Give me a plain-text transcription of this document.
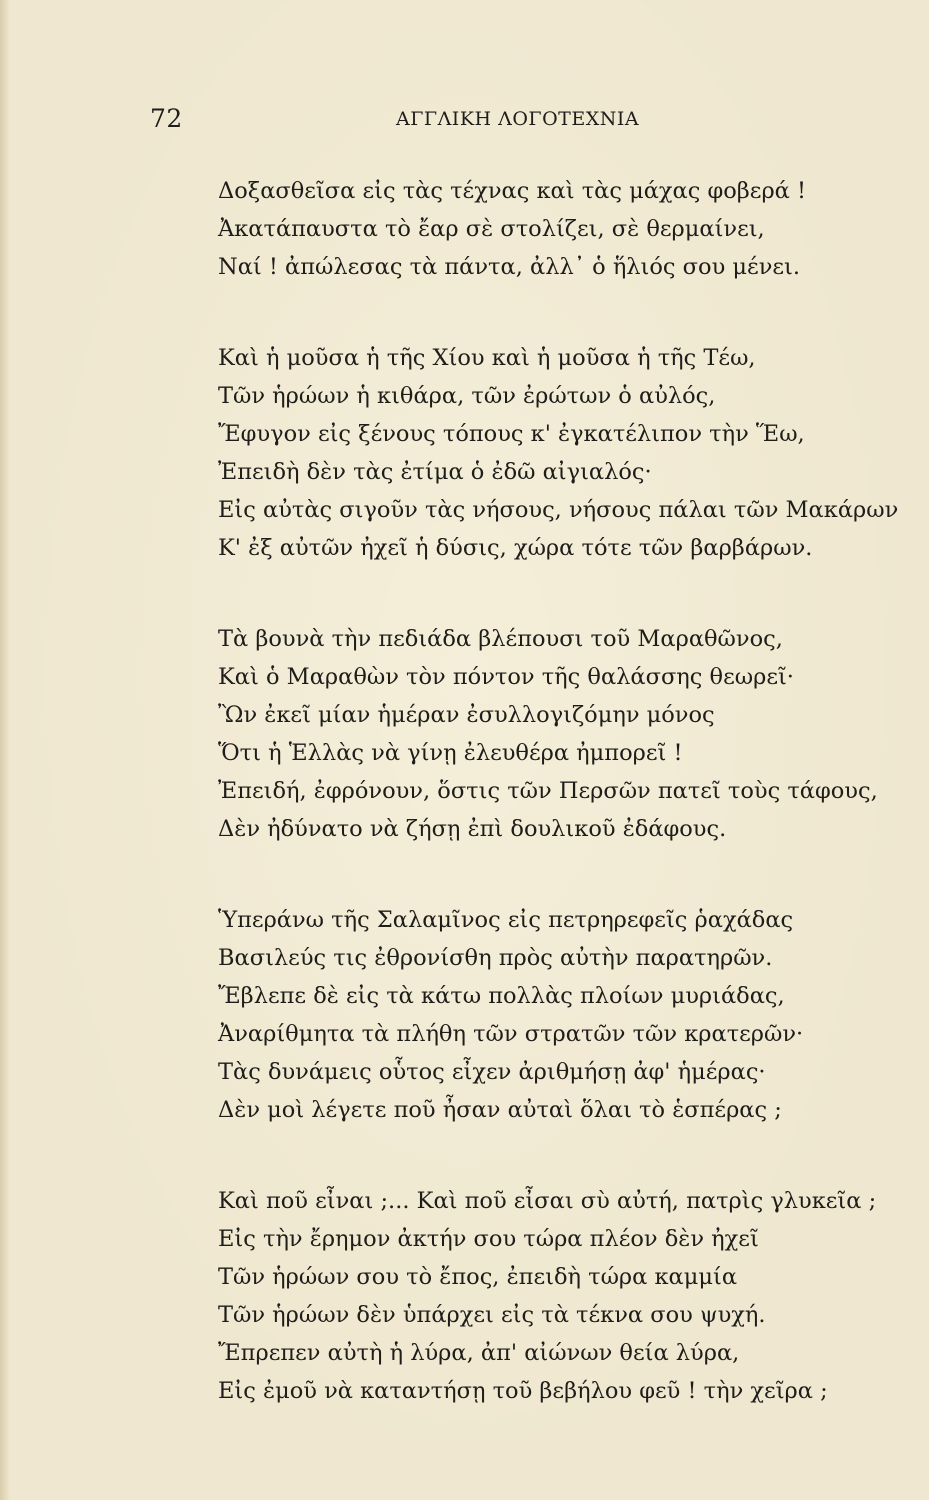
72	ΑΓΓΛΙΚΗ ΛΟΓΟΤΕΧΝΙΑ
Δοξασθεῖσα εἰς τὰς τέχνας καὶ τὰς μάχας φοβερά !
Ἀκατάπαυστα τὸ ἔαρ σὲ στολίζει, σὲ θερμαίνει,
Ναί ! ἀπώλεσας τὰ πάντα, ἀλλ᾽ ὁ ἥλιός σου μένει.
Καὶ ἡ μοῦσα ἡ τῆς Χίου καὶ ἡ μοῦσα ἡ τῆς Τέω,
Τῶν ἡρώων ἡ κιθάρα, τῶν ἐρώτων ὁ αὐλός,
Ἔφυγον εἰς ξένους τόπους κ' ἐγκατέλιπον τὴν Ἕω,
Ἐπειδὴ δὲν τὰς ἐτίμα ὁ ἐδῶ αἰγιαλός·
Εἰς αὐτὰς σιγοῦν τὰς νήσους, νήσους πάλαι τῶν Μακάρων
Κ' ἐξ αὐτῶν ἠχεῖ ἡ δύσις, χώρα τότε τῶν βαρβάρων.
Τὰ βουνὰ τὴν πεδιάδα βλέπουσι τοῦ Μαραθῶνος,
Καὶ ὁ Μαραθὼν τὸν πόντον τῆς θαλάσσης θεωρεῖ·
Ὢν ἐκεῖ μίαν ἡμέραν ἐσυλλογιζόμην μόνος
Ὅτι ἡ Ἑλλὰς νὰ γίνῃ ἐλευθέρα ἠμπορεῖ !
Ἐπειδή, ἐφρόνουν, ὅστις τῶν Περσῶν πατεῖ τοὺς τάφους,
Δὲν ἠδύνατο νὰ ζήσῃ ἐπὶ δουλικοῦ ἐδάφους.
Ὑπεράνω τῆς Σαλαμῖνος εἰς πετρηρεφεῖς ῥαχάδας
Βασιλεύς τις ἐθρονίσθη πρὸς αὐτὴν παρατηρῶν.
Ἔβλεπε δὲ εἰς τὰ κάτω πολλὰς πλοίων μυριάδας,
Ἀναρίθμητα τὰ πλήθη τῶν στρατῶν τῶν κρατερῶν·
Τὰς δυνάμεις οὗτος εἶχεν ἀριθμήσῃ ἀφ' ἡμέρας·
Δὲν μοὶ λέγετε ποῦ ἦσαν αὐταὶ ὅλαι τὸ ἑσπέρας ;
Καὶ ποῦ εἶναι ;... Καὶ ποῦ εἶσαι σὺ αὐτή, πατρὶς γλυκεῖα ;
Εἰς τὴν ἔρημον ἀκτήν σου τώρα πλέον δὲν ἠχεῖ
Τῶν ἡρώων σου τὸ ἔπος, ἐπειδὴ τώρα καμμία
Τῶν ἡρώων δὲν ὑπάρχει εἰς τὰ τέκνα σου ψυχή.
Ἔπρεπεν αὐτὴ ἡ λύρα, ἀπ' αἰώνων θεία λύρα,
Εἰς ἐμοῦ νὰ καταντήσῃ τοῦ βεβήλου φεῦ ! τὴν χεῖρα ;
